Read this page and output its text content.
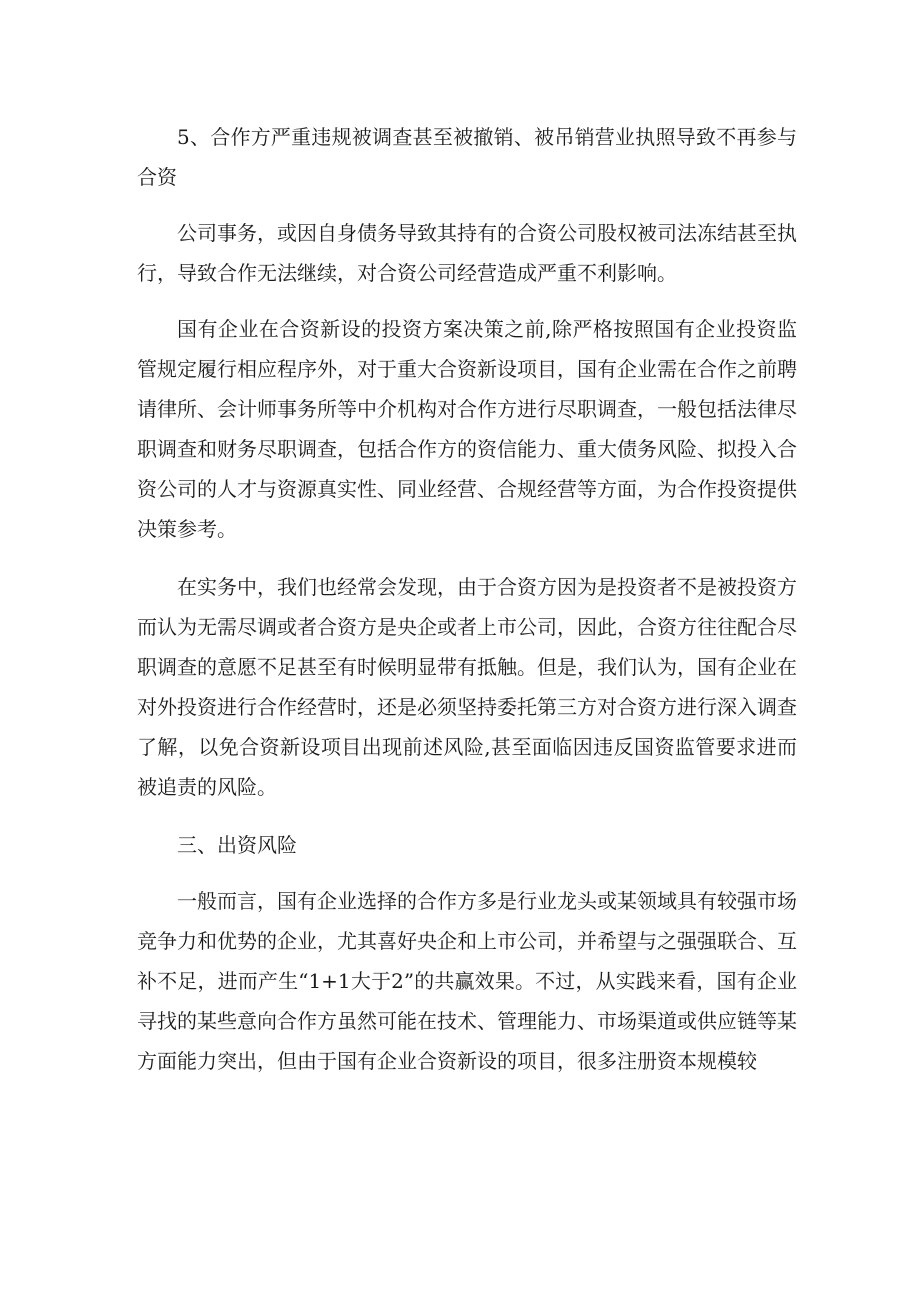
5、合作方严重违规被调查甚至被撤销、被吊销营业执照导致不再参与合资

公司事务，或因自身债务导致其持有的合资公司股权被司法冻结甚至执行，导致合作无法继续，对合资公司经营造成严重不利影响。

国有企业在合资新设的投资方案决策之前,除严格按照国有企业投资监管规定履行相应程序外，对于重大合资新设项目，国有企业需在合作之前聘请律所、会计师事务所等中介机构对合作方进行尽职调查，一般包括法律尽职调查和财务尽职调查，包括合作方的资信能力、重大债务风险、拟投入合资公司的人才与资源真实性、同业经营、合规经营等方面，为合作投资提供决策参考。

在实务中，我们也经常会发现，由于合资方因为是投资者不是被投资方而认为无需尽调或者合资方是央企或者上市公司，因此，合资方往往配合尽职调查的意愿不足甚至有时候明显带有抵触。但是，我们认为，国有企业在对外投资进行合作经营时，还是必须坚持委托第三方对合资方进行深入调查了解，以免合资新设项目出现前述风险,甚至面临因违反国资监管要求进而被追责的风险。

三、出资风险

一般而言，国有企业选择的合作方多是行业龙头或某领域具有较强市场竞争力和优势的企业，尤其喜好央企和上市公司，并希望与之强强联合、互补不足，进而产生“1+1大于2”的共赢效果。不过，从实践来看，国有企业寻找的某些意向合作方虽然可能在技术、管理能力、市场渠道或供应链等某方面能力突出，但由于国有企业合资新设的项目，很多注册资本规模较
